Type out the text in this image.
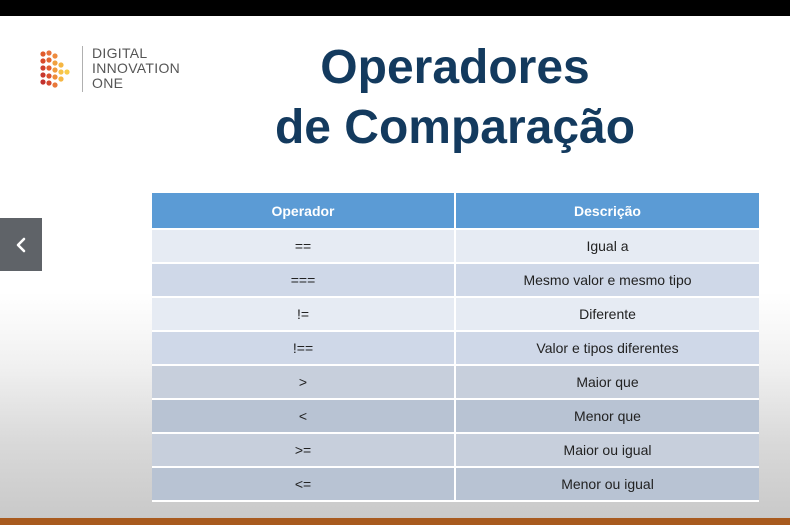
DIGITAL
INNOVATION
ONE	Operadores
de Comparação
Operador	Descrição
==	Igual a
===	Mesmo valor e mesmo tipo
!=	Diferente
!==	Valor e tipos diferentes
>	Maior que
<	Menor que
>=	Maior ou igual
<=	Menor ou igual
